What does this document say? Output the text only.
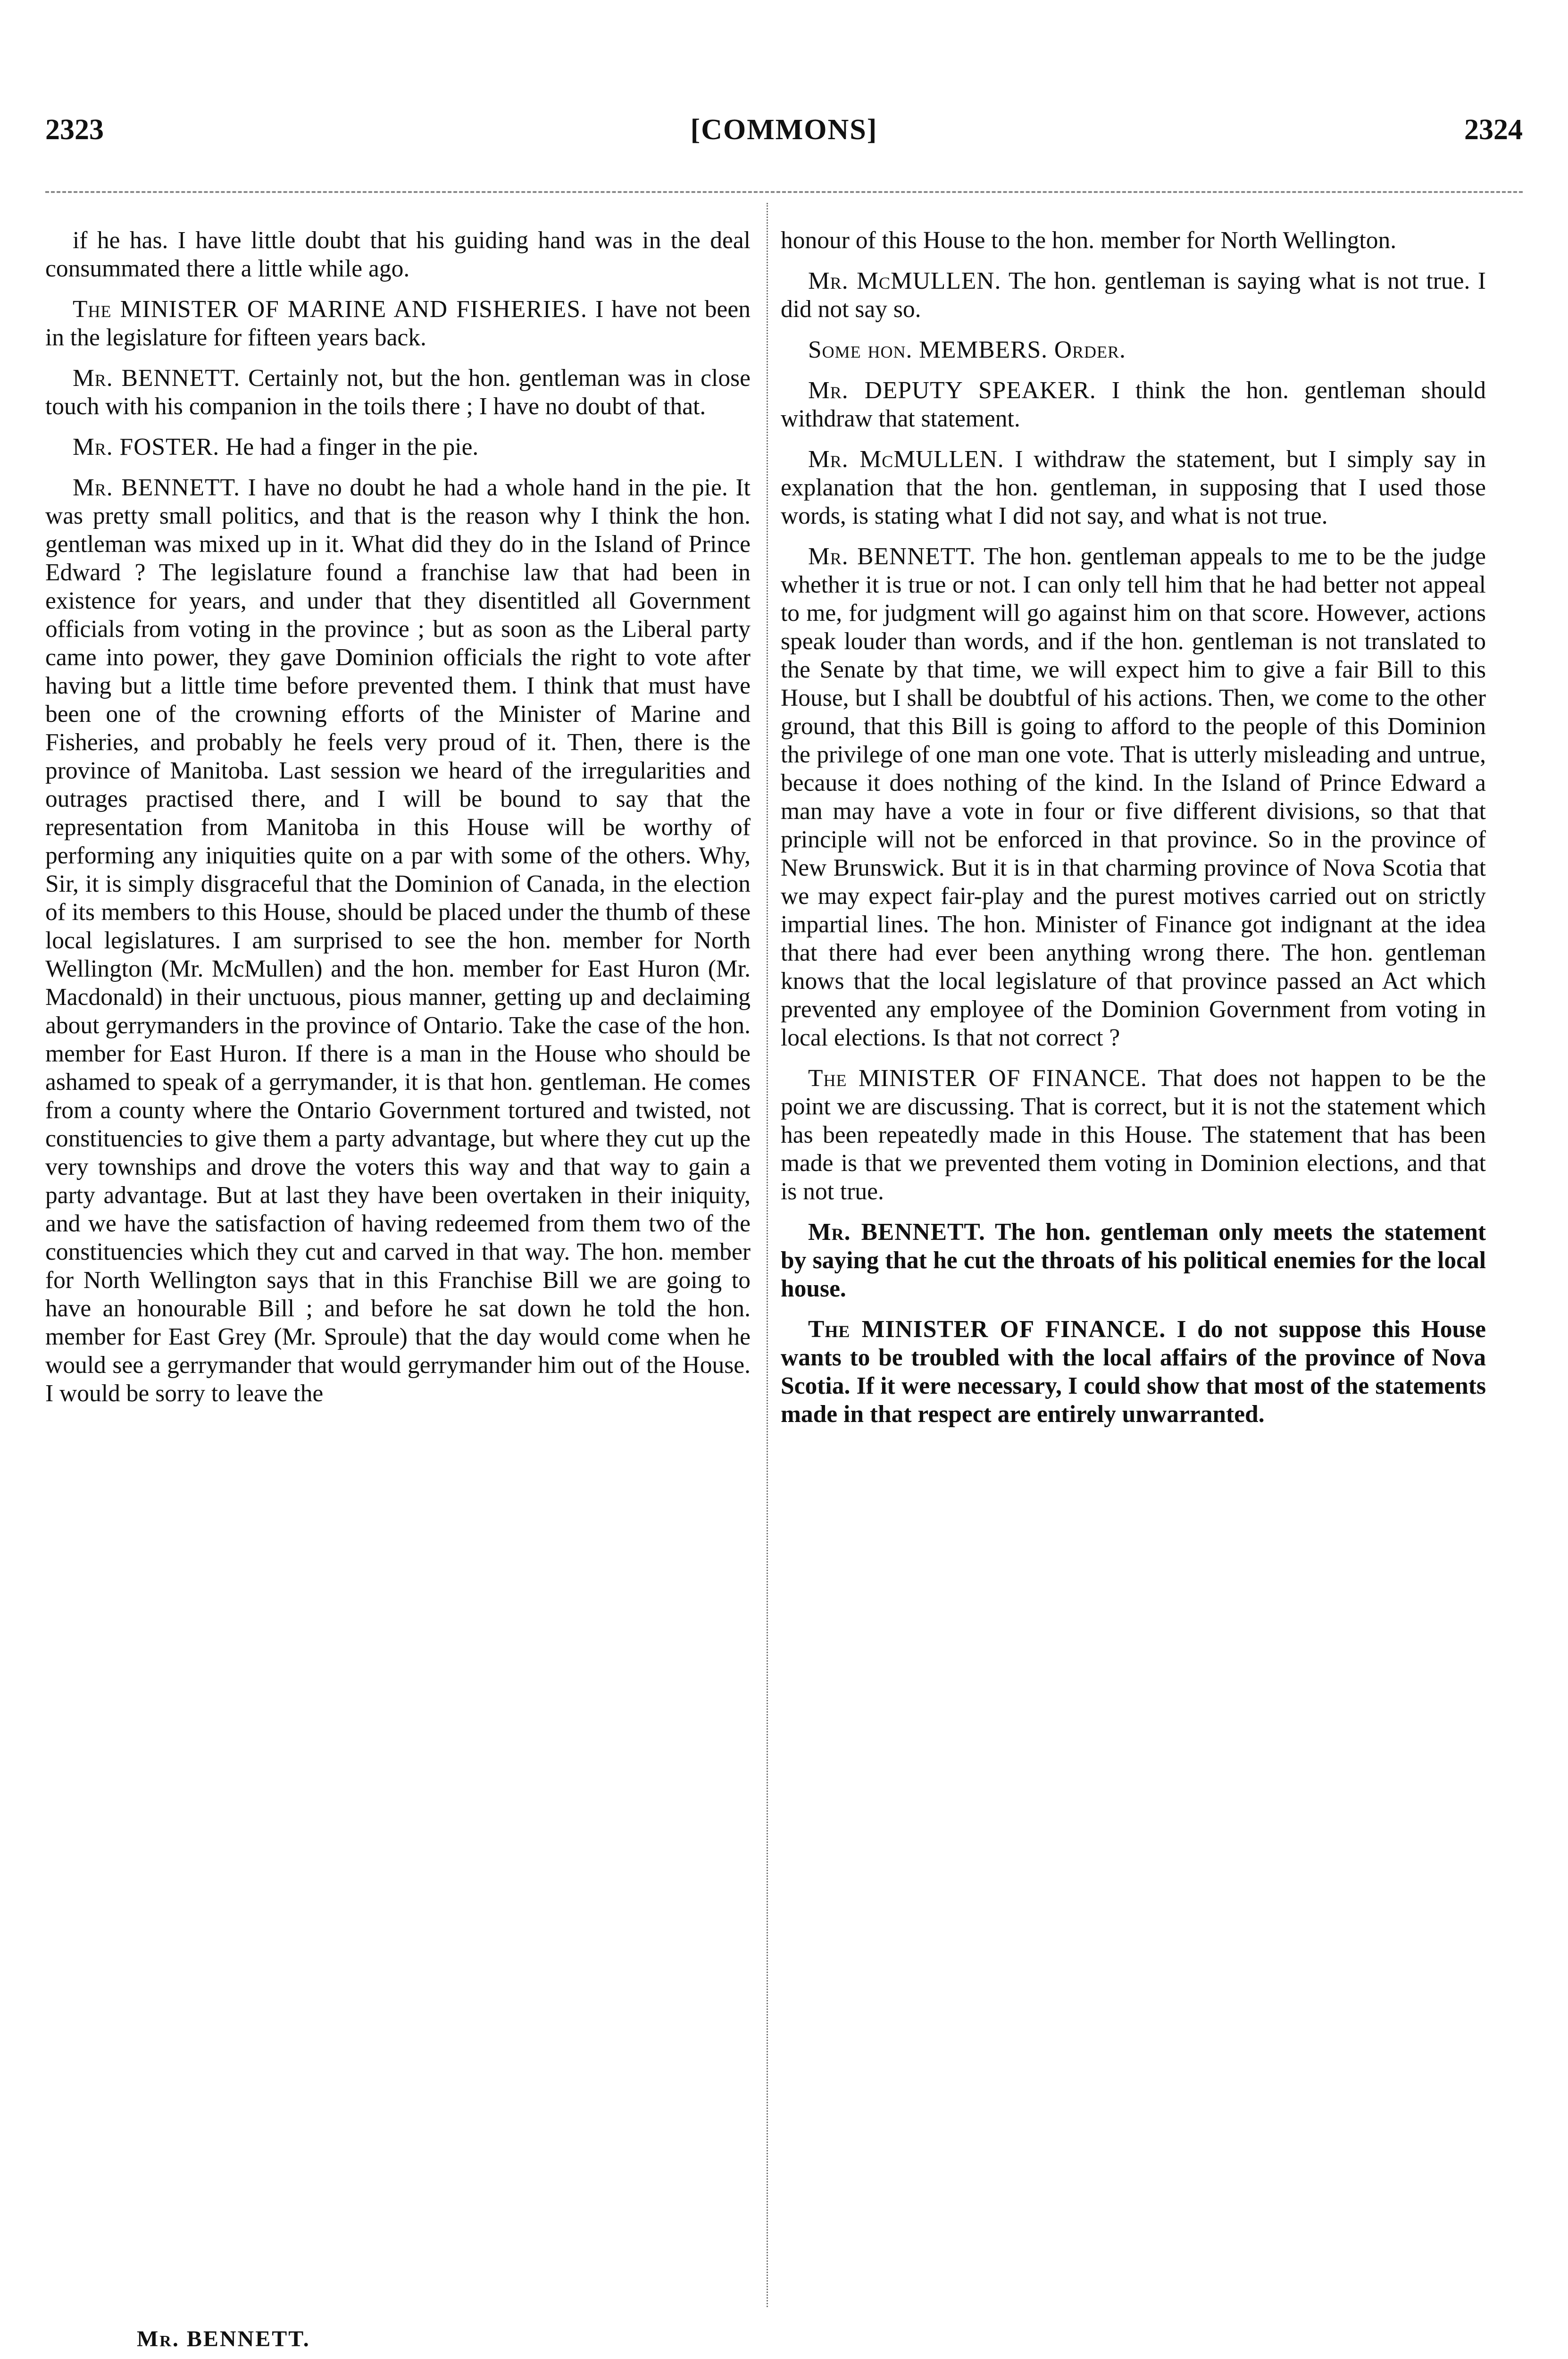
2323	[COMMONS]	2324

if he has. I have little doubt that his guiding hand was in the deal consummated there a little while ago.

The MINISTER OF MARINE AND FISHERIES. I have not been in the legislature for fifteen years back.

Mr. BENNETT. Certainly not, but the hon. gentleman was in close touch with his companion in the toils there ; I have no doubt of that.

Mr. FOSTER. He had a finger in the pie.

Mr. BENNETT. I have no doubt he had a whole hand in the pie. It was pretty small politics, and that is the reason why I think the hon. gentleman was mixed up in it. What did they do in the Island of Prince Edward ? The legislature found a franchise law that had been in existence for years, and under that they disentitled all Government officials from voting in the province ; but as soon as the Liberal party came into power, they gave Dominion officials the right to vote after having but a little time before prevented them. I think that must have been one of the crowning efforts of the Minister of Marine and Fisheries, and probably he feels very proud of it. Then, there is the province of Manitoba. Last session we heard of the irregularities and outrages practised there, and I will be bound to say that the representation from Manitoba in this House will be worthy of performing any iniquities quite on a par with some of the others. Why, Sir, it is simply disgraceful that the Dominion of Canada, in the election of its members to this House, should be placed under the thumb of these local legislatures. I am surprised to see the hon. member for North Wellington (Mr. McMullen) and the hon. member for East Huron (Mr. Macdonald) in their unctuous, pious manner, getting up and declaiming about gerrymanders in the province of Ontario. Take the case of the hon. member for East Huron. If there is a man in the House who should be ashamed to speak of a gerrymander, it is that hon. gentleman. He comes from a county where the Ontario Government tortured and twisted, not constituencies to give them a party advantage, but where they cut up the very townships and drove the voters this way and that way to gain a party advantage. But at last they have been overtaken in their iniquity, and we have the satisfaction of having redeemed from them two of the constituencies which they cut and carved in that way. The hon. member for North Wellington says that in this Franchise Bill we are going to have an honourable Bill ; and before he sat down he told the hon. member for East Grey (Mr. Sproule) that the day would come when he would see a gerrymander that would gerrymander him out of the House. I would be sorry to leave the

honour of this House to the hon. member for North Wellington.

Mr. McMULLEN. The hon. gentleman is saying what is not true. I did not say so.

Some hon. MEMBERS. Order.

Mr. DEPUTY SPEAKER. I think the hon. gentleman should withdraw that statement.

Mr. McMULLEN. I withdraw the statement, but I simply say in explanation that the hon. gentleman, in supposing that I used those words, is stating what I did not say, and what is not true.

Mr. BENNETT. The hon. gentleman appeals to me to be the judge whether it is true or not. I can only tell him that he had better not appeal to me, for judgment will go against him on that score. However, actions speak louder than words, and if the hon. gentleman is not translated to the Senate by that time, we will expect him to give a fair Bill to this House, but I shall be doubtful of his actions. Then, we come to the other ground, that this Bill is going to afford to the people of this Dominion the privilege of one man one vote. That is utterly misleading and untrue, because it does nothing of the kind. In the Island of Prince Edward a man may have a vote in four or five different divisions, so that that principle will not be enforced in that province. So in the province of New Brunswick. But it is in that charming province of Nova Scotia that we may expect fair-play and the purest motives carried out on strictly impartial lines. The hon. Minister of Finance got indignant at the idea that there had ever been anything wrong there. The hon. gentleman knows that the local legislature of that province passed an Act which prevented any employee of the Dominion Government from voting in local elections. Is that not correct ?

The MINISTER OF FINANCE. That does not happen to be the point we are discussing. That is correct, but it is not the statement which has been repeatedly made in this House. The statement that has been made is that we prevented them voting in Dominion elections, and that is not true.

Mr. BENNETT. The hon. gentleman only meets the statement by saying that he cut the throats of his political enemies for the local house.

The MINISTER OF FINANCE. I do not suppose this House wants to be troubled with the local affairs of the province of Nova Scotia. If it were necessary, I could show that most of the statements made in that respect are entirely unwarranted.

Mr. BENNETT.
